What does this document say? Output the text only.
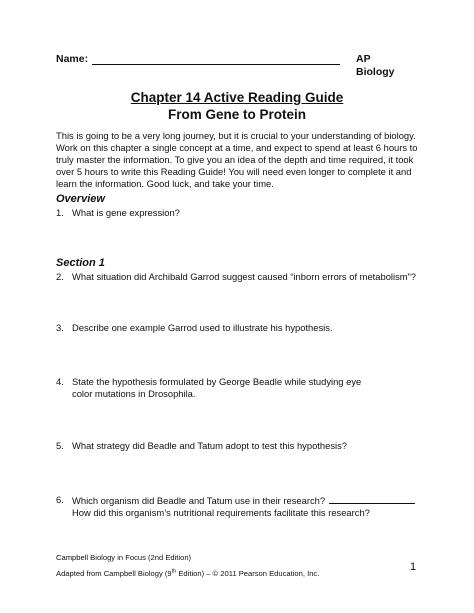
Name:	AP
Biology
Chapter 14 Active Reading Guide
From Gene to Protein
This is going to be a very long journey, but it is crucial to your understanding of biology. Work on this chapter a single concept at a time, and expect to spend at least 6 hours to truly master the information. To give you an idea of the depth and time required, it took over 5 hours to write this Reading Guide! You will need even longer to complete it and learn the information. Good luck, and take your time.
Overview
1. What is gene expression?
Section 1
2. What situation did Archibald Garrod suggest caused “inborn errors of metabolism”?
3. Describe one example Garrod used to illustrate his hypothesis.
4. State the hypothesis formulated by George Beadle while studying eye color mutations in Drosophila.
5. What strategy did Beadle and Tatum adopt to test this hypothesis?
6. Which organism did Beadle and Tatum use in their research?
How did this organism’s nutritional requirements facilitate this research?
Campbell Biology in Focus (2nd Edition)
Adapted from Campbell Biology (9th Edition) – © 2011 Pearson Education, Inc.
1
